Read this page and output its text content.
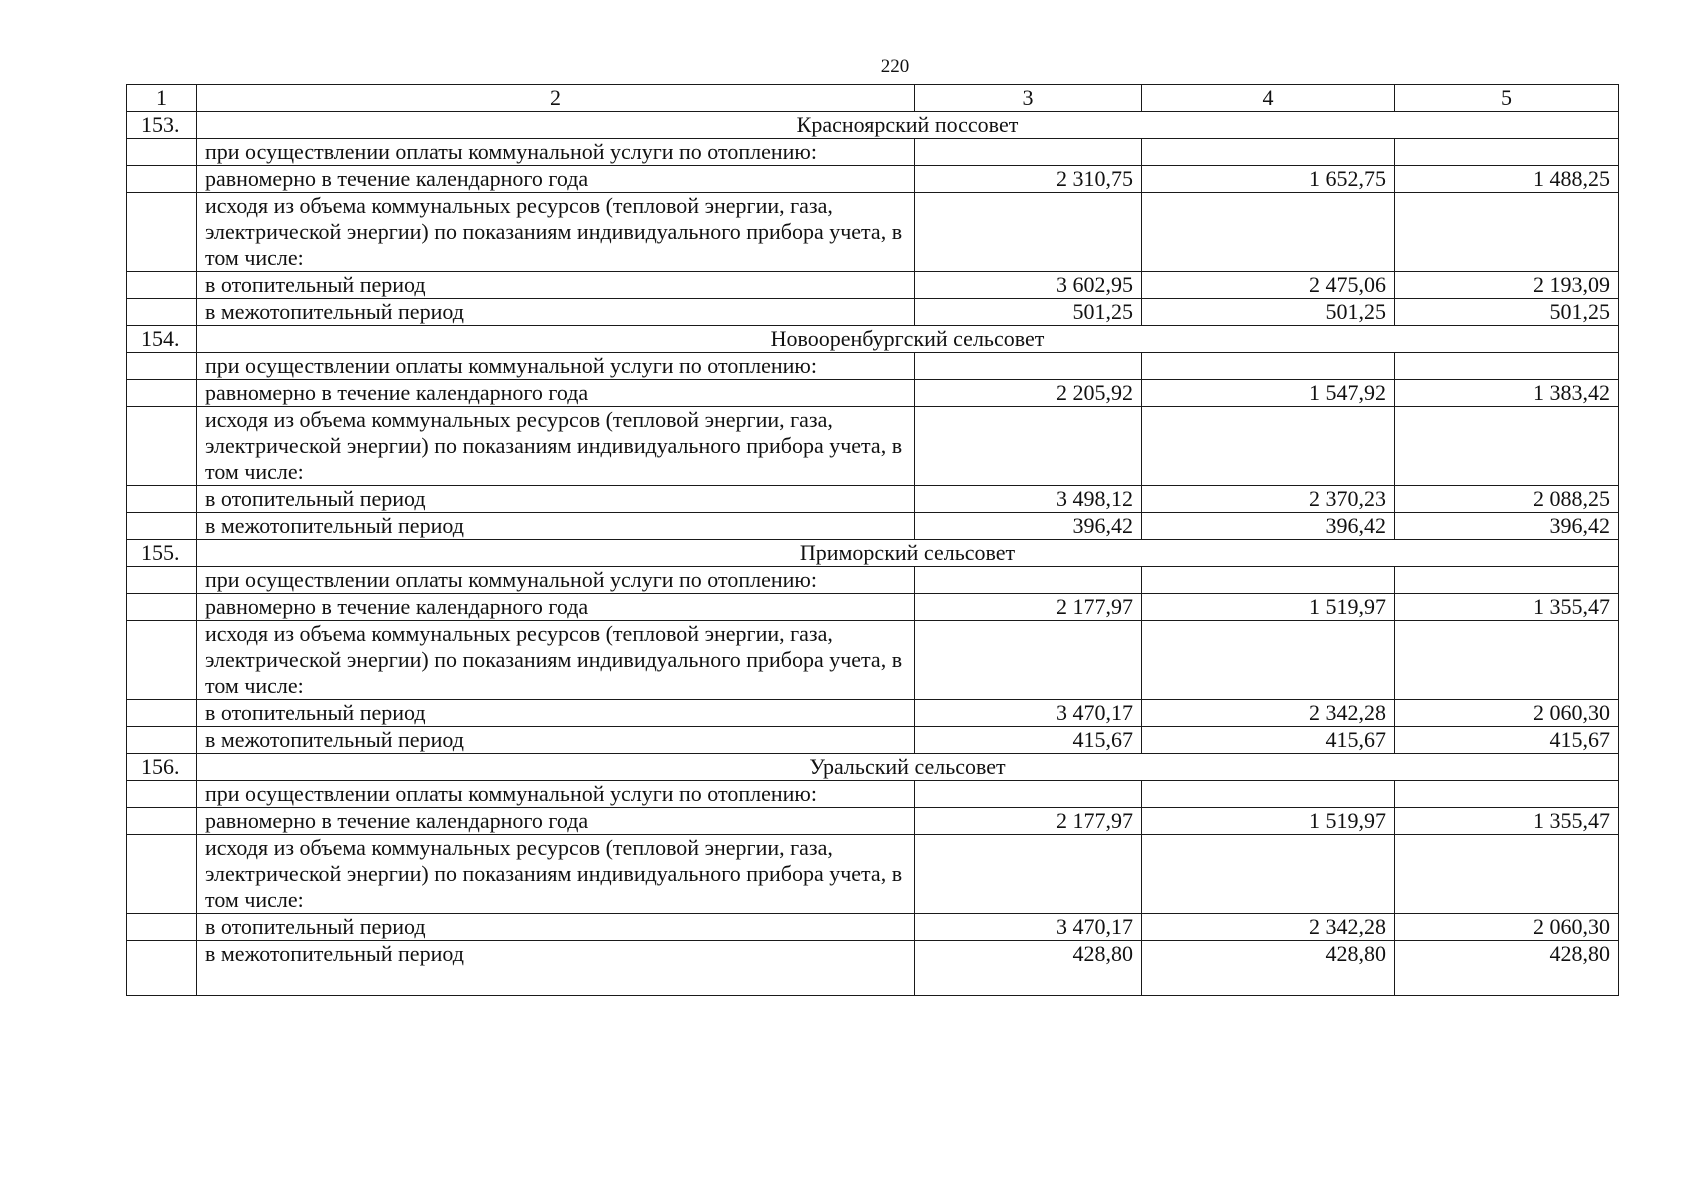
220
1	2	3	4	5
153.	Красноярский поссовет			
	при осуществлении оплаты коммунальной услуги по отоплению:			
	равномерно в течение календарного года	2 310,75	1 652,75	1 488,25
	исходя из объема коммунальных ресурсов (тепловой энергии, газа, электрической энергии) по показаниям индивидуального прибора учета, в том числе:			
	в отопительный период	3 602,95	2 475,06	2 193,09
	в межотопительный период	501,25	501,25	501,25
154.	Новооренбургский сельсовет			
	при осуществлении оплаты коммунальной услуги по отоплению:			
	равномерно в течение календарного года	2 205,92	1 547,92	1 383,42
	исходя из объема коммунальных ресурсов (тепловой энергии, газа, электрической энергии) по показаниям индивидуального прибора учета, в том числе:			
	в отопительный период	3 498,12	2 370,23	2 088,25
	в межотопительный период	396,42	396,42	396,42
155.	Приморский сельсовет			
	при осуществлении оплаты коммунальной услуги по отоплению:			
	равномерно в течение календарного года	2 177,97	1 519,97	1 355,47
	исходя из объема коммунальных ресурсов (тепловой энергии, газа, электрической энергии) по показаниям индивидуального прибора учета, в том числе:			
	в отопительный период	3 470,17	2 342,28	2 060,30
	в межотопительный период	415,67	415,67	415,67
156.	Уральский сельсовет			
	при осуществлении оплаты коммунальной услуги по отоплению:			
	равномерно в течение календарного года	2 177,97	1 519,97	1 355,47
	исходя из объема коммунальных ресурсов (тепловой энергии, газа, электрической энергии) по показаниям индивидуального прибора учета, в том числе:			
	в отопительный период	3 470,17	2 342,28	2 060,30
	в межотопительный период	428,80	428,80	428,80
